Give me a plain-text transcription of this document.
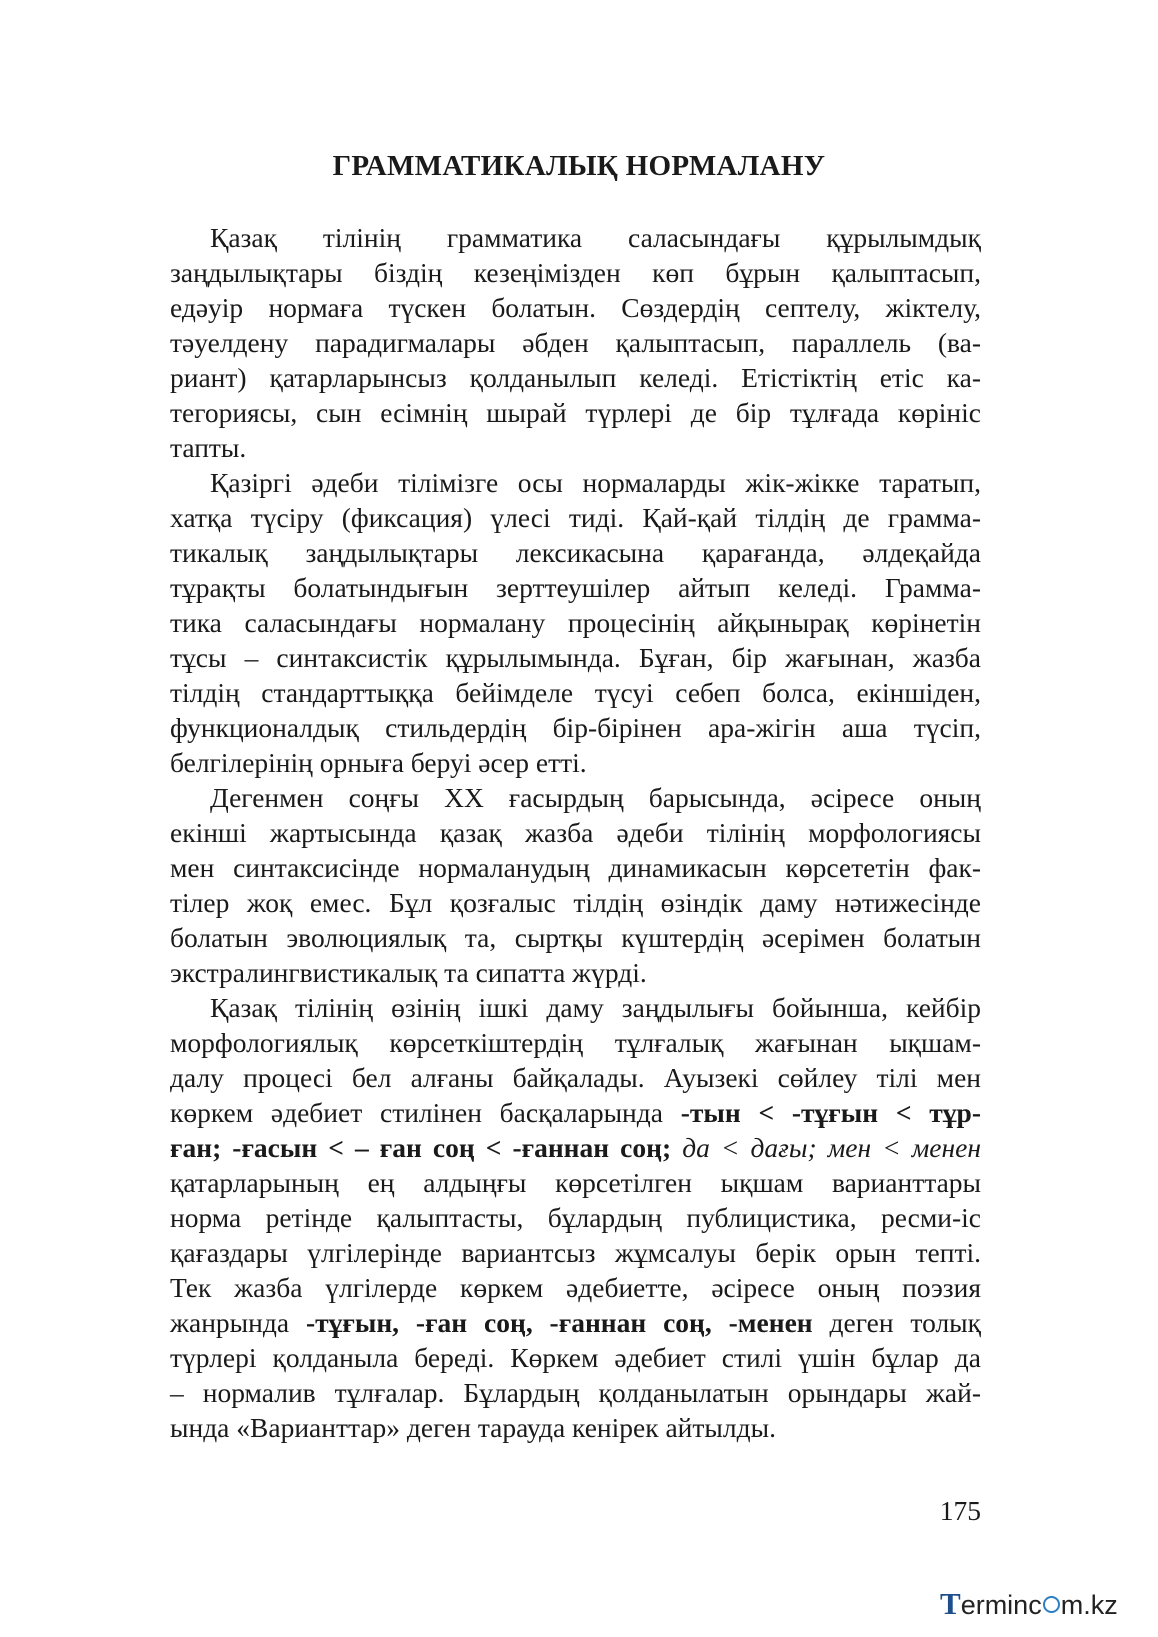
ГРАММАТИКАЛЫҚ НОРМАЛАНУ
Қазақ тілінің грамматика саласындағы құрылымдық
заңдылықтары біздің кезеңімізден көп бұрын қалыптасып,
едәуір нормаға түскен болатын. Сөздердің септелу, жіктелу,
тәуелдену парадигмалары әбден қалыптасып, параллель (ва-
риант) қатарларынсыз қолданылып келеді. Етістіктің етіс ка-
тегориясы, сын есімнің шырай түрлері де бір тұлғада көрініс
тапты.
Қазіргі әдеби тілімізге осы нормаларды жік-жікке таратып,
хатқа түсіру (фиксация) үлесі тиді. Қай-қай тілдің де грамма-
тикалық заңдылықтары лексикасына қарағанда, әлдеқайда
тұрақты болатындығын зерттеушілер айтып келеді. Грамма-
тика саласындағы нормалану процесінің айқынырақ көрінетін
тұсы – синтаксистік құрылымында. Бұған, бір жағынан, жазба
тілдің стандарттыққа бейімделе түсуі себеп болса, екіншіден,
функционалдық стильдердің бір-бірінен ара-жігін аша түсіп,
белгілерінің орнығa беруі әсер етті.
Дегенмен соңғы ХХ ғасырдың барысында, әсіресе оның
екінші жартысында қазақ жазба әдеби тілінің морфологиясы
мен синтаксисінде нормаланудың динамикасын көрсететін фак-
тілер жоқ емес. Бұл қозғалыс тілдің өзіндік даму нәтижесінде
болатын эволюциялық та, сыртқы күштердің әсерімен болатын
экстралингвистикалық та сипатта жүрді.
Қазақ тілінің өзінің ішкі даму заңдылығы бойынша, кейбір
морфологиялық көрсеткіштердің тұлғалық жағынан ықшам-
далу процесі бел алғаны байқалады. Ауызекі сөйлеу тілі мен
көркем әдебиет стилінен басқаларында -тын < -тұғын < тұр-
ған; -ғасын < – ған соң < -ғаннан соң; да < дағы; мен < менен
қатарларының ең алдыңғы көрсетілген ықшам варианттары
норма ретінде қалыптасты, бұлардың публицистика, ресми-іс
қағаздары үлгілерінде вариантсыз жұмсалуы берік орын тепті.
Тек жазба үлгілерде көркем әдебиетте, әсіресе оның поэзия
жанрында -тұғын, -ған соң, -ғаннан соң, -менен деген толық
түрлері қолданыла береді. Көркем әдебиет стилі үшін бұлар да
– нормалив тұлғалар. Бұлардың қолданылатын орындары жай-
ында «Варианттар» деген тарауда кенірек айтылды.
175
Terminc m.kz
